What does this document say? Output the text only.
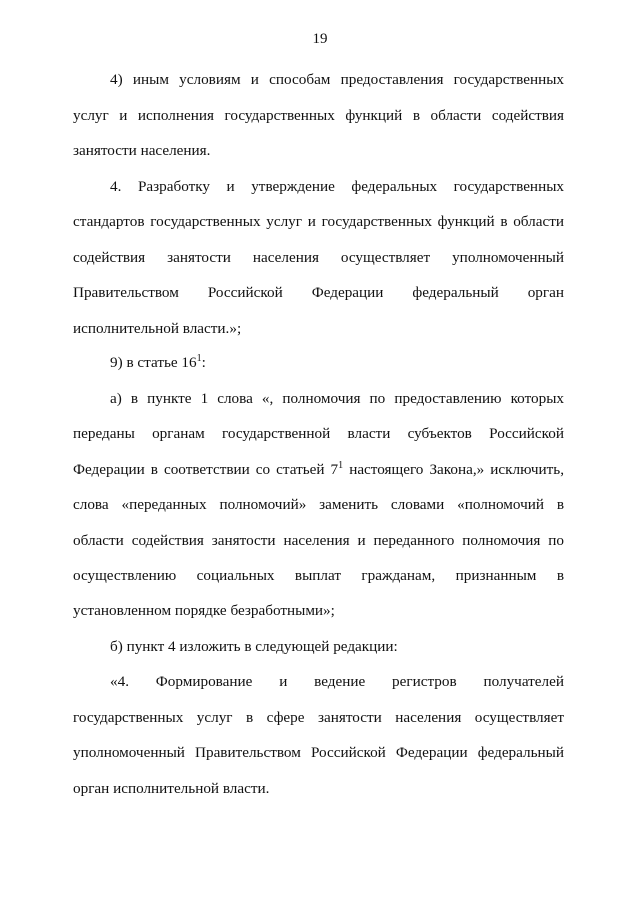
19
4) иным условиям и способам предоставления государственных
услуг и исполнения государственных функций в области содействия
занятости населения.
4. Разработку и утверждение федеральных государственных
стандартов государственных услуг и государственных функций в области
содействия занятости населения осуществляет уполномоченный
Правительством Российской Федерации федеральный орган
исполнительной власти.»;
9) в статье $16^1$:
а) в пункте 1 слова «, полномочия по предоставлению которых
переданы органам государственной власти субъектов Российской
Федерации в соответствии со статьей $7^1$ настоящего Закона,» исключить,
слова «переданных полномочий» заменить словами «полномочий в
области содействия занятости населения и переданного полномочия по
осуществлению социальных выплат гражданам, признанным в
установленном порядке безработными»;
б) пункт 4 изложить в следующей редакции:
«4. Формирование и ведение регистров получателей
государственных услуг в сфере занятости населения осуществляет
уполномоченный Правительством Российской Федерации федеральный
орган исполнительной власти.
